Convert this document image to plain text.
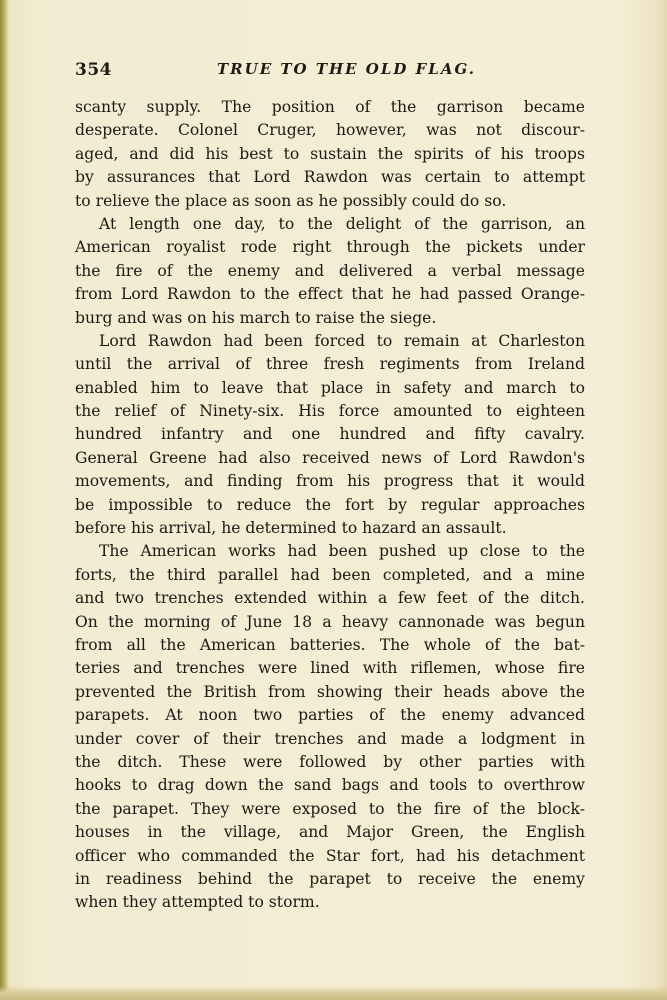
354	TRUE TO THE OLD FLAG.
scanty supply. The position of the garrison became
desperate. Colonel Cruger, however, was not discour-
aged, and did his best to sustain the spirits of his troops
by assurances that Lord Rawdon was certain to attempt
to relieve the place as soon as he possibly could do so.
At length one day, to the delight of the garrison, an
American royalist rode right through the pickets under
the fire of the enemy and delivered a verbal message
from Lord Rawdon to the effect that he had passed Orange-
burg and was on his march to raise the siege.
Lord Rawdon had been forced to remain at Charleston
until the arrival of three fresh regiments from Ireland
enabled him to leave that place in safety and march to
the relief of Ninety-six. His force amounted to eighteen
hundred infantry and one hundred and fifty cavalry.
General Greene had also received news of Lord Rawdon's
movements, and finding from his progress that it would
be impossible to reduce the fort by regular approaches
before his arrival, he determined to hazard an assault.
The American works had been pushed up close to the
forts, the third parallel had been completed, and a mine
and two trenches extended within a few feet of the ditch.
On the morning of June 18 a heavy cannonade was begun
from all the American batteries. The whole of the bat-
teries and trenches were lined with riflemen, whose fire
prevented the British from showing their heads above the
parapets. At noon two parties of the enemy advanced
under cover of their trenches and made a lodgment in
the ditch. These were followed by other parties with
hooks to drag down the sand bags and tools to overthrow
the parapet. They were exposed to the fire of the block-
houses in the village, and Major Green, the English
officer who commanded the Star fort, had his detachment
in readiness behind the parapet to receive the enemy
when they attempted to storm.
